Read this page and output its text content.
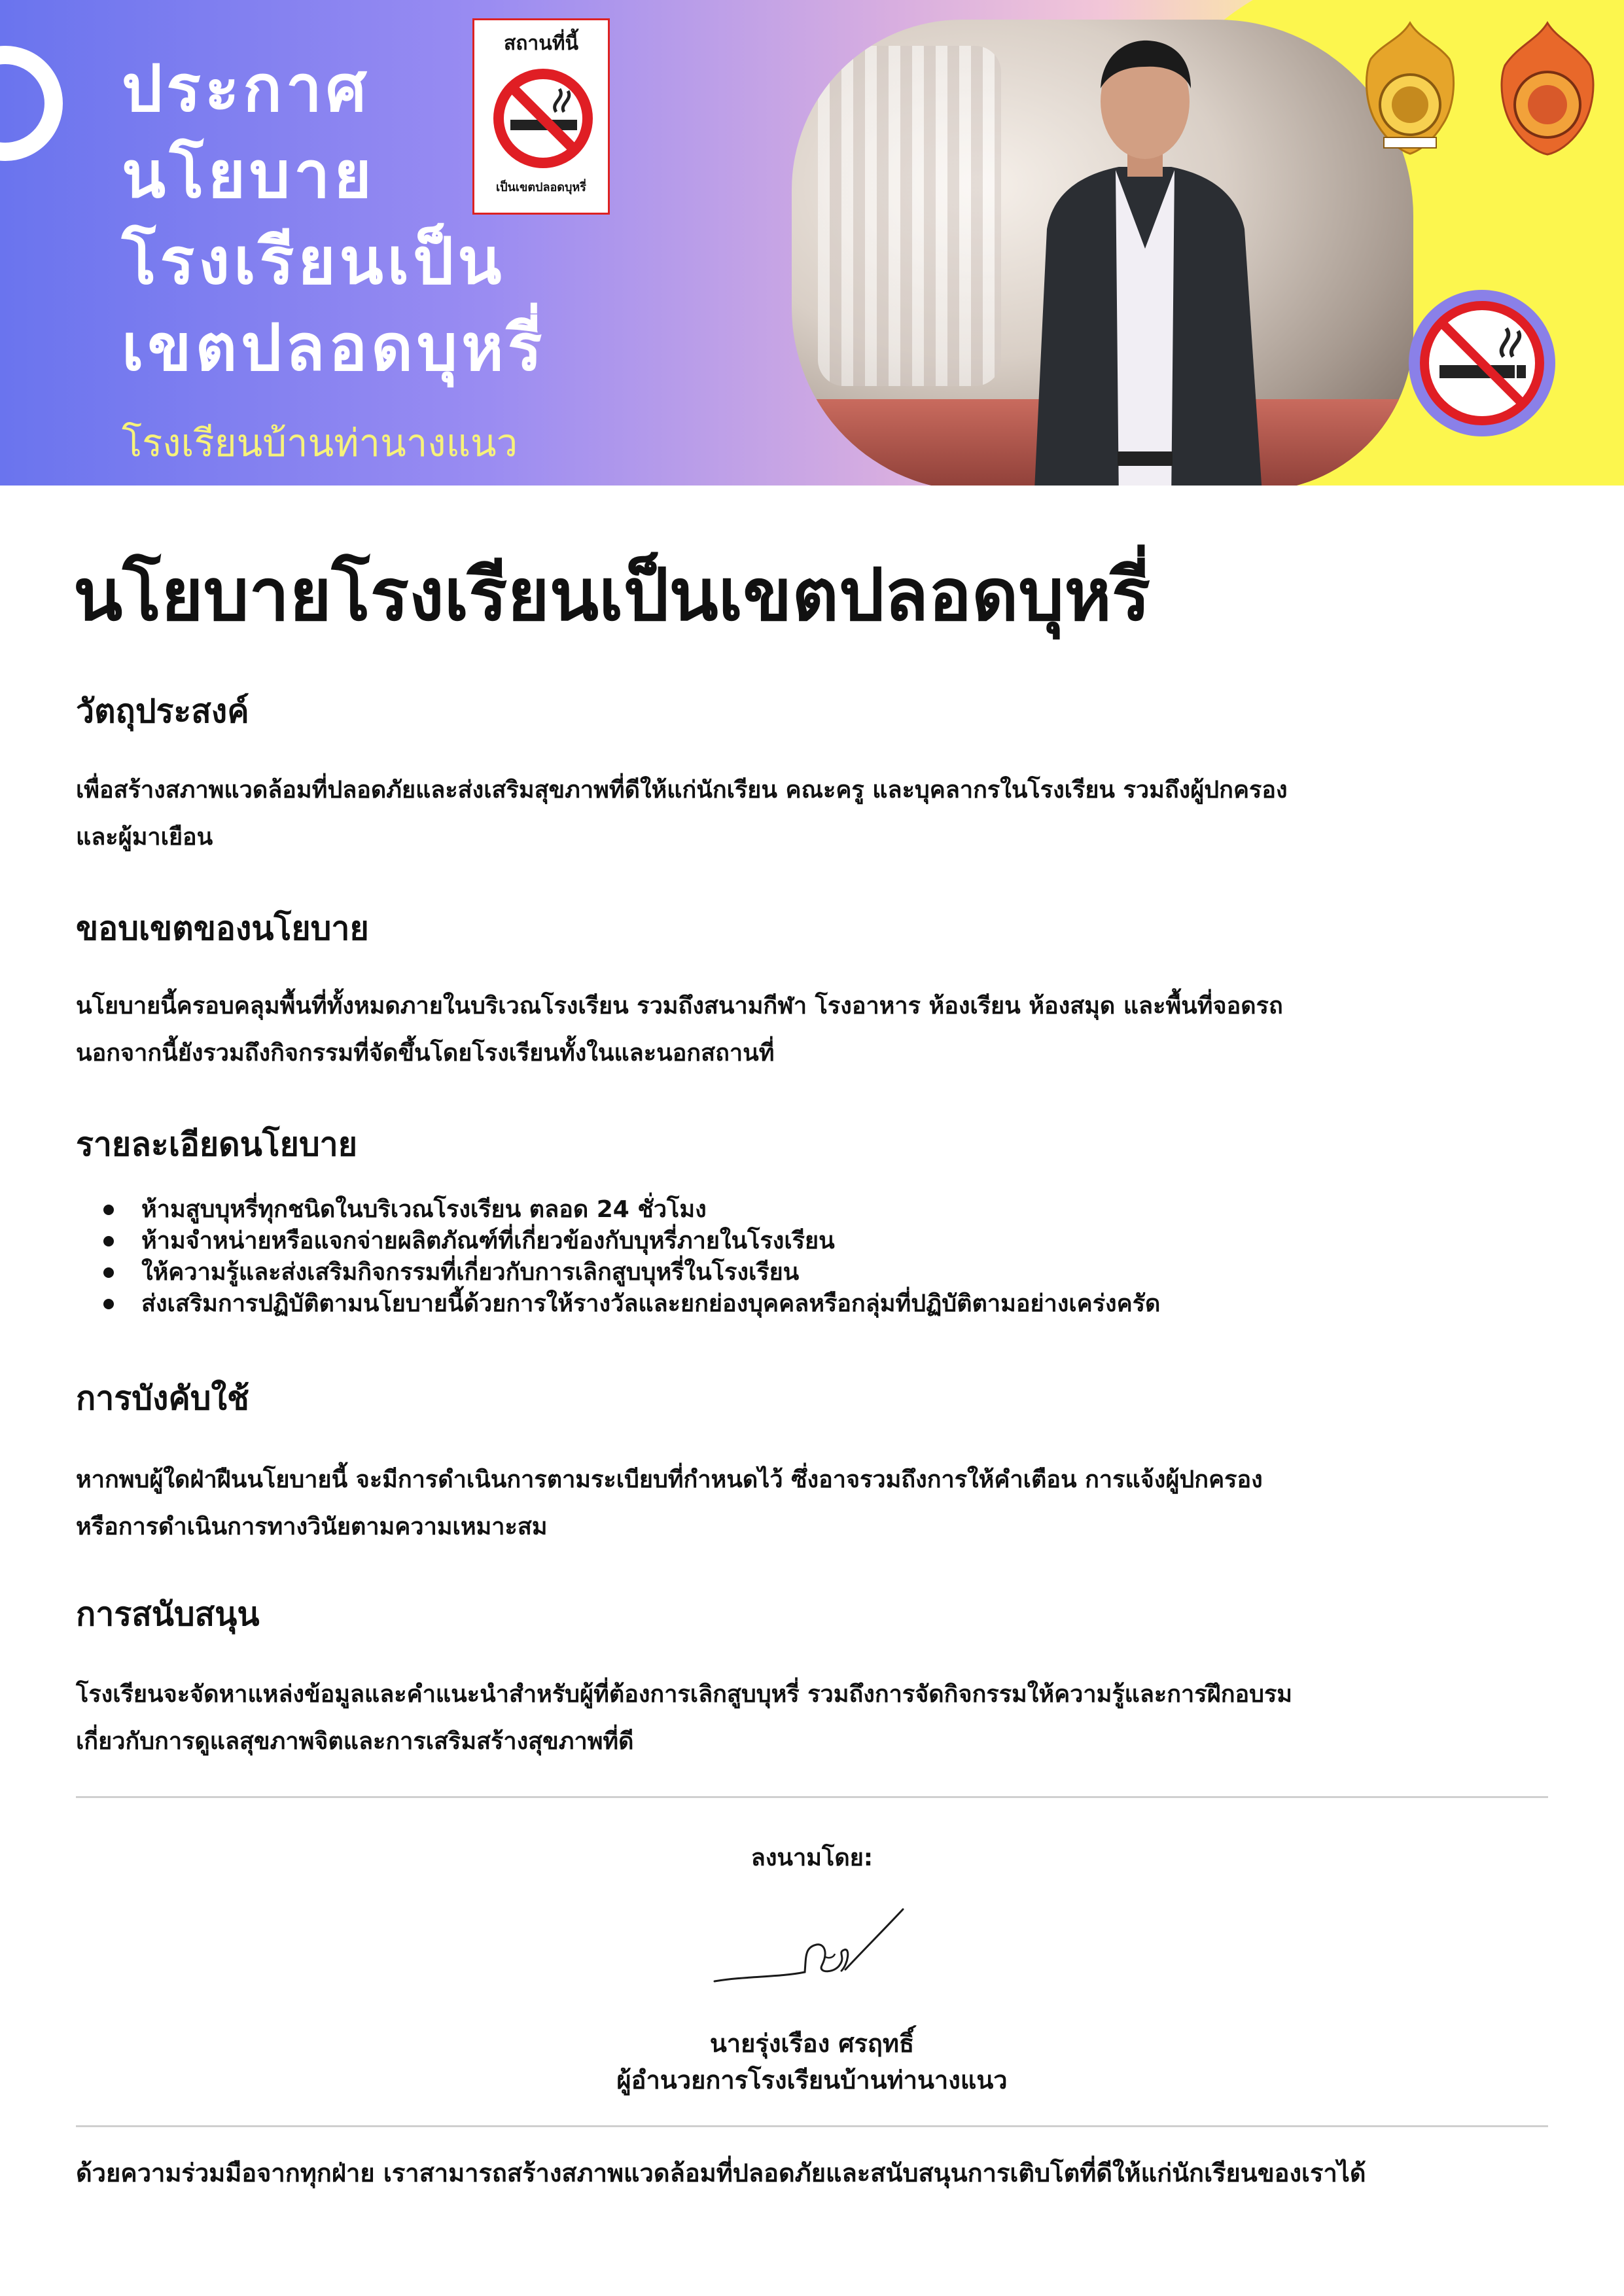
ประกาศ
นโยบาย
โรงเรียนเป็น
เขตปลอดบุหรี่
โรงเรียนบ้านท่านางแนว
สถานที่นี้
เป็นเขตปลอดบุหรี่
นโยบายโรงเรียนเป็นเขตปลอดบุหรี่
วัตถุประสงค์
เพื่อสร้างสภาพแวดล้อมที่ปลอดภัยและส่งเสริมสุขภาพที่ดีให้แก่นักเรียน คณะครู และบุคลากรในโรงเรียน รวมถึงผู้ปกครอง
และผู้มาเยือน
ขอบเขตของนโยบาย
นโยบายนี้ครอบคลุมพื้นที่ทั้งหมดภายในบริเวณโรงเรียน รวมถึงสนามกีฬา โรงอาหาร ห้องเรียน ห้องสมุด และพื้นที่จอดรถ
นอกจากนี้ยังรวมถึงกิจกรรมที่จัดขึ้นโดยโรงเรียนทั้งในและนอกสถานที่
รายละเอียดนโยบาย
ห้ามสูบบุหรี่ทุกชนิดในบริเวณโรงเรียน ตลอด 24 ชั่วโมง
ห้ามจำหน่ายหรือแจกจ่ายผลิตภัณฑ์ที่เกี่ยวข้องกับบุหรี่ภายในโรงเรียน
ให้ความรู้และส่งเสริมกิจกรรมที่เกี่ยวกับการเลิกสูบบุหรี่ในโรงเรียน
ส่งเสริมการปฏิบัติตามนโยบายนี้ด้วยการให้รางวัลและยกย่องบุคคลหรือกลุ่มที่ปฏิบัติตามอย่างเคร่งครัด
การบังคับใช้
หากพบผู้ใดฝ่าฝืนนโยบายนี้ จะมีการดำเนินการตามระเบียบที่กำหนดไว้ ซึ่งอาจรวมถึงการให้คำเตือน การแจ้งผู้ปกครอง
หรือการดำเนินการทางวินัยตามความเหมาะสม
การสนับสนุน
โรงเรียนจะจัดหาแหล่งข้อมูลและคำแนะนำสำหรับผู้ที่ต้องการเลิกสูบบุหรี่ รวมถึงการจัดกิจกรรมให้ความรู้และการฝึกอบรม
เกี่ยวกับการดูแลสุขภาพจิตและการเสริมสร้างสุขภาพที่ดี
ลงนามโดย:
นายรุ่งเรือง ศรฤทธิ์
ผู้อำนวยการโรงเรียนบ้านท่านางแนว
ด้วยความร่วมมือจากทุกฝ่าย เราสามารถสร้างสภาพแวดล้อมที่ปลอดภัยและสนับสนุนการเติบโตที่ดีให้แก่นักเรียนของเราได้
